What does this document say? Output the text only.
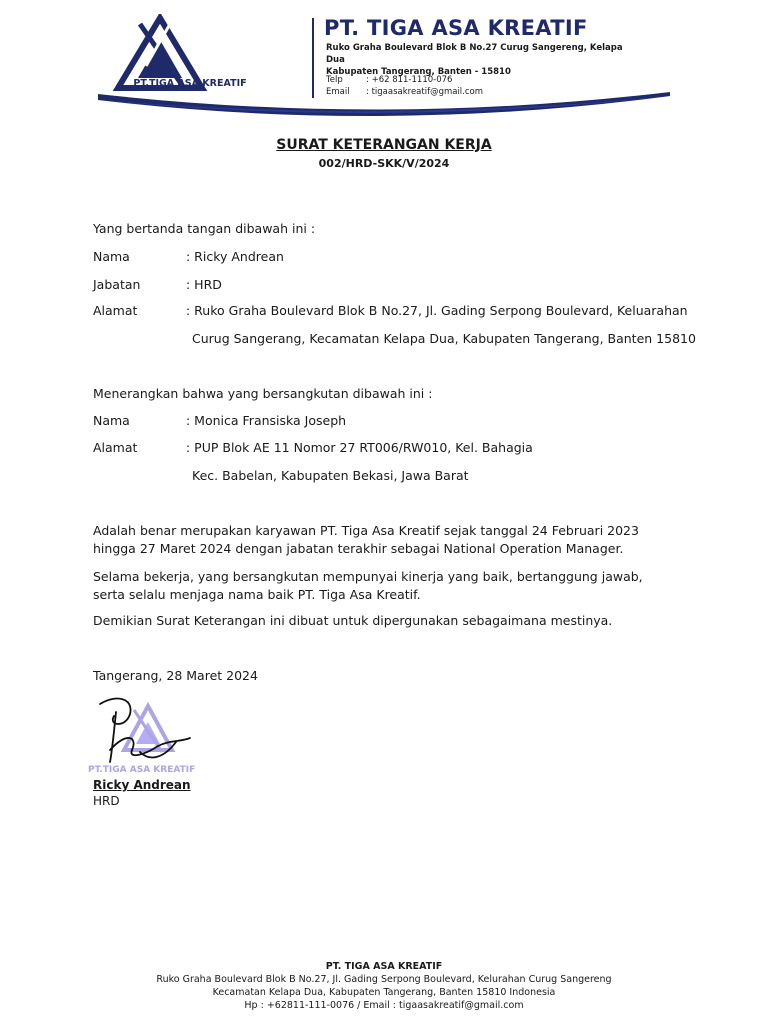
PT.TIGA ASA KREATIF
PT. TIGA ASA KREATIF
Ruko Graha Boulevard Blok B No.27 Curug Sangereng, Kelapa Dua
Kabupaten Tangerang, Banten - 15810
Telp	: +62 811-1110-076
Email : tigaasakreatif@gmail.com
SURAT KETERANGAN KERJA
002/HRD-SKK/V/2024
Yang bertanda tangan dibawah ini :
Nama	: Ricky Andrean
Jabatan	: HRD
Alamat	: Ruko Graha Boulevard Blok B No.27, Jl. Gading Serpong Boulevard, Keluarahan
Curug Sangerang, Kecamatan Kelapa Dua, Kabupaten Tangerang, Banten 15810
Menerangkan bahwa yang bersangkutan dibawah ini :
Nama	: Monica Fransiska Joseph
Alamat	: PUP Blok AE 11 Nomor 27 RT006/RW010, Kel. Bahagia
Kec. Babelan, Kabupaten Bekasi, Jawa Barat
Adalah benar merupakan karyawan PT. Tiga Asa Kreatif sejak tanggal 24 Februari 2023 hingga 27 Maret 2024 dengan jabatan terakhir sebagai National Operation Manager.
Selama bekerja, yang bersangkutan mempunyai kinerja yang baik, bertanggung jawab, serta selalu menjaga nama baik PT. Tiga Asa Kreatif.
Demikian Surat Keterangan ini dibuat untuk dipergunakan sebagaimana mestinya.
Tangerang, 28 Maret 2024
PT.TIGA ASA KREATIF
Ricky Andrean
HRD
PT. TIGA ASA KREATIF
Ruko Graha Boulevard Blok B No.27, Jl. Gading Serpong Boulevard, Kelurahan Curug Sangereng
Kecamatan Kelapa Dua, Kabupaten Tangerang, Banten 15810 Indonesia
Hp : +62811-111-0076 / Email : tigaasakreatif@gmail.com
